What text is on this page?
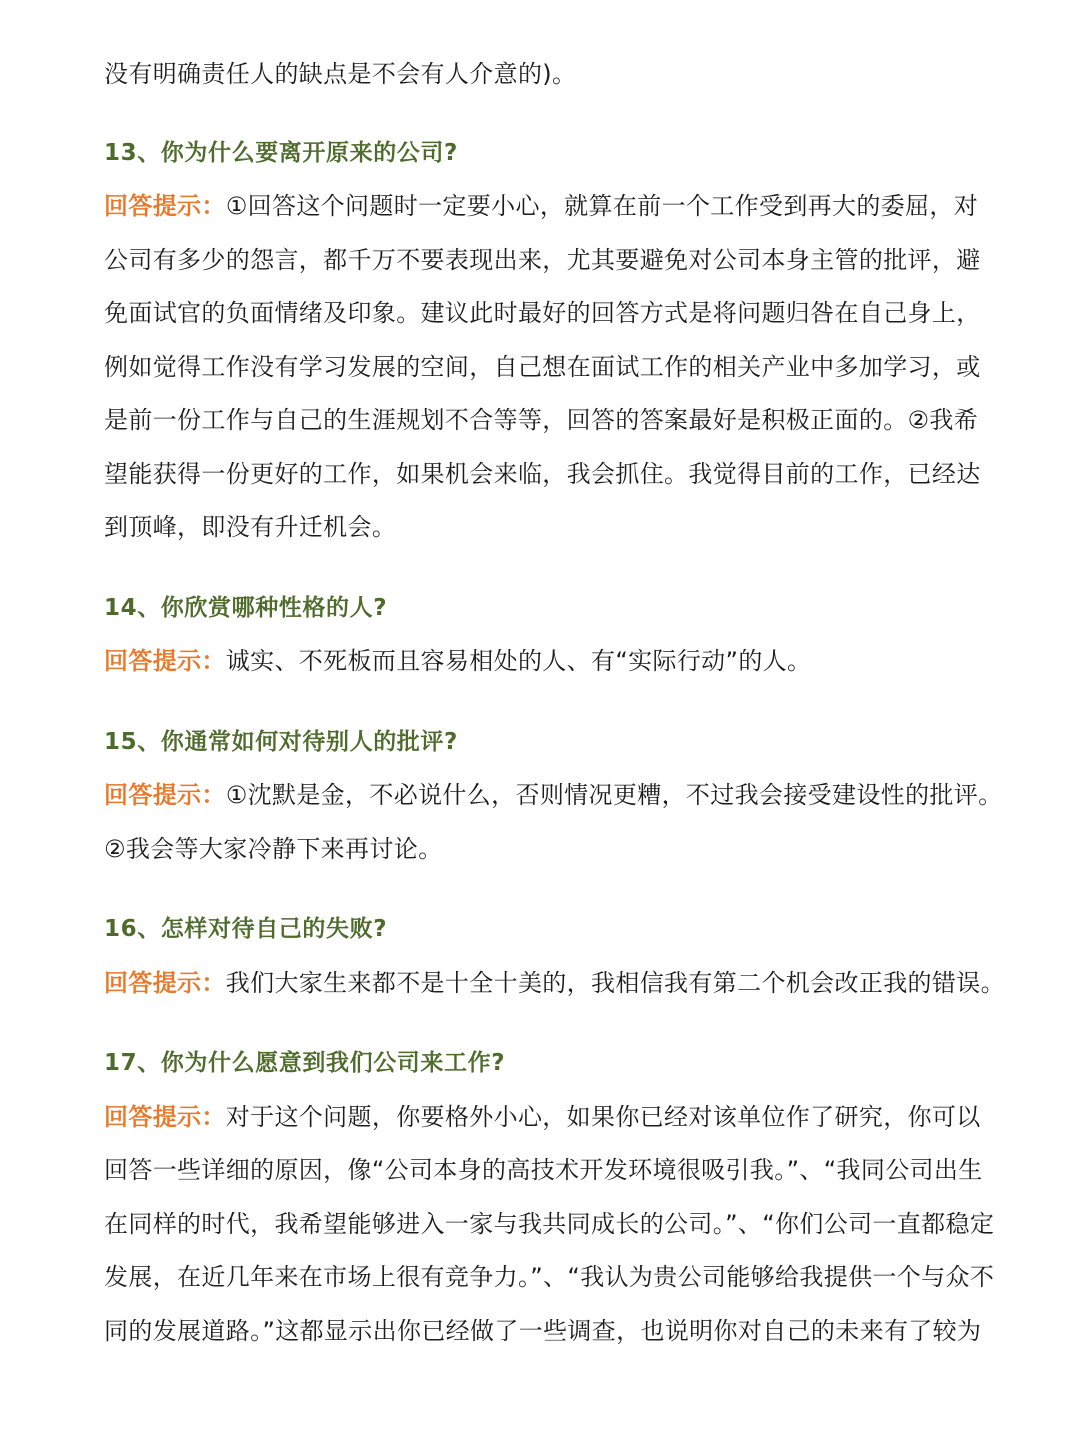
没有明确责任人的缺点是不会有人介意的)。
13、你为什么要离开原来的公司?
回答提示：①回答这个问题时一定要小心，就算在前一个工作受到再大的委屈，对
公司有多少的怨言，都千万不要表现出来，尤其要避免对公司本身主管的批评，避
免面试官的负面情绪及印象。建议此时最好的回答方式是将问题归咎在自己身上，
例如觉得工作没有学习发展的空间，自己想在面试工作的相关产业中多加学习，或
是前一份工作与自己的生涯规划不合等等，回答的答案最好是积极正面的。②我希
望能获得一份更好的工作，如果机会来临，我会抓住。我觉得目前的工作，已经达
到顶峰，即没有升迁机会。
14、你欣赏哪种性格的人?
回答提示：诚实、不死板而且容易相处的人、有“实际行动”的人。
15、你通常如何对待别人的批评?
回答提示：①沈默是金，不必说什么，否则情况更糟，不过我会接受建设性的批评。
②我会等大家冷静下来再讨论。
16、怎样对待自己的失败?
回答提示：我们大家生来都不是十全十美的，我相信我有第二个机会改正我的错误。
17、你为什么愿意到我们公司来工作?
回答提示：对于这个问题，你要格外小心，如果你已经对该单位作了研究，你可以
回答一些详细的原因，像“公司本身的高技术开发环境很吸引我。”、“我同公司出生
在同样的时代，我希望能够进入一家与我共同成长的公司。”、“你们公司一直都稳定
发展，在近几年来在市场上很有竞争力。”、“我认为贵公司能够给我提供一个与众不
同的发展道路。”这都显示出你已经做了一些调查，也说明你对自己的未来有了较为
